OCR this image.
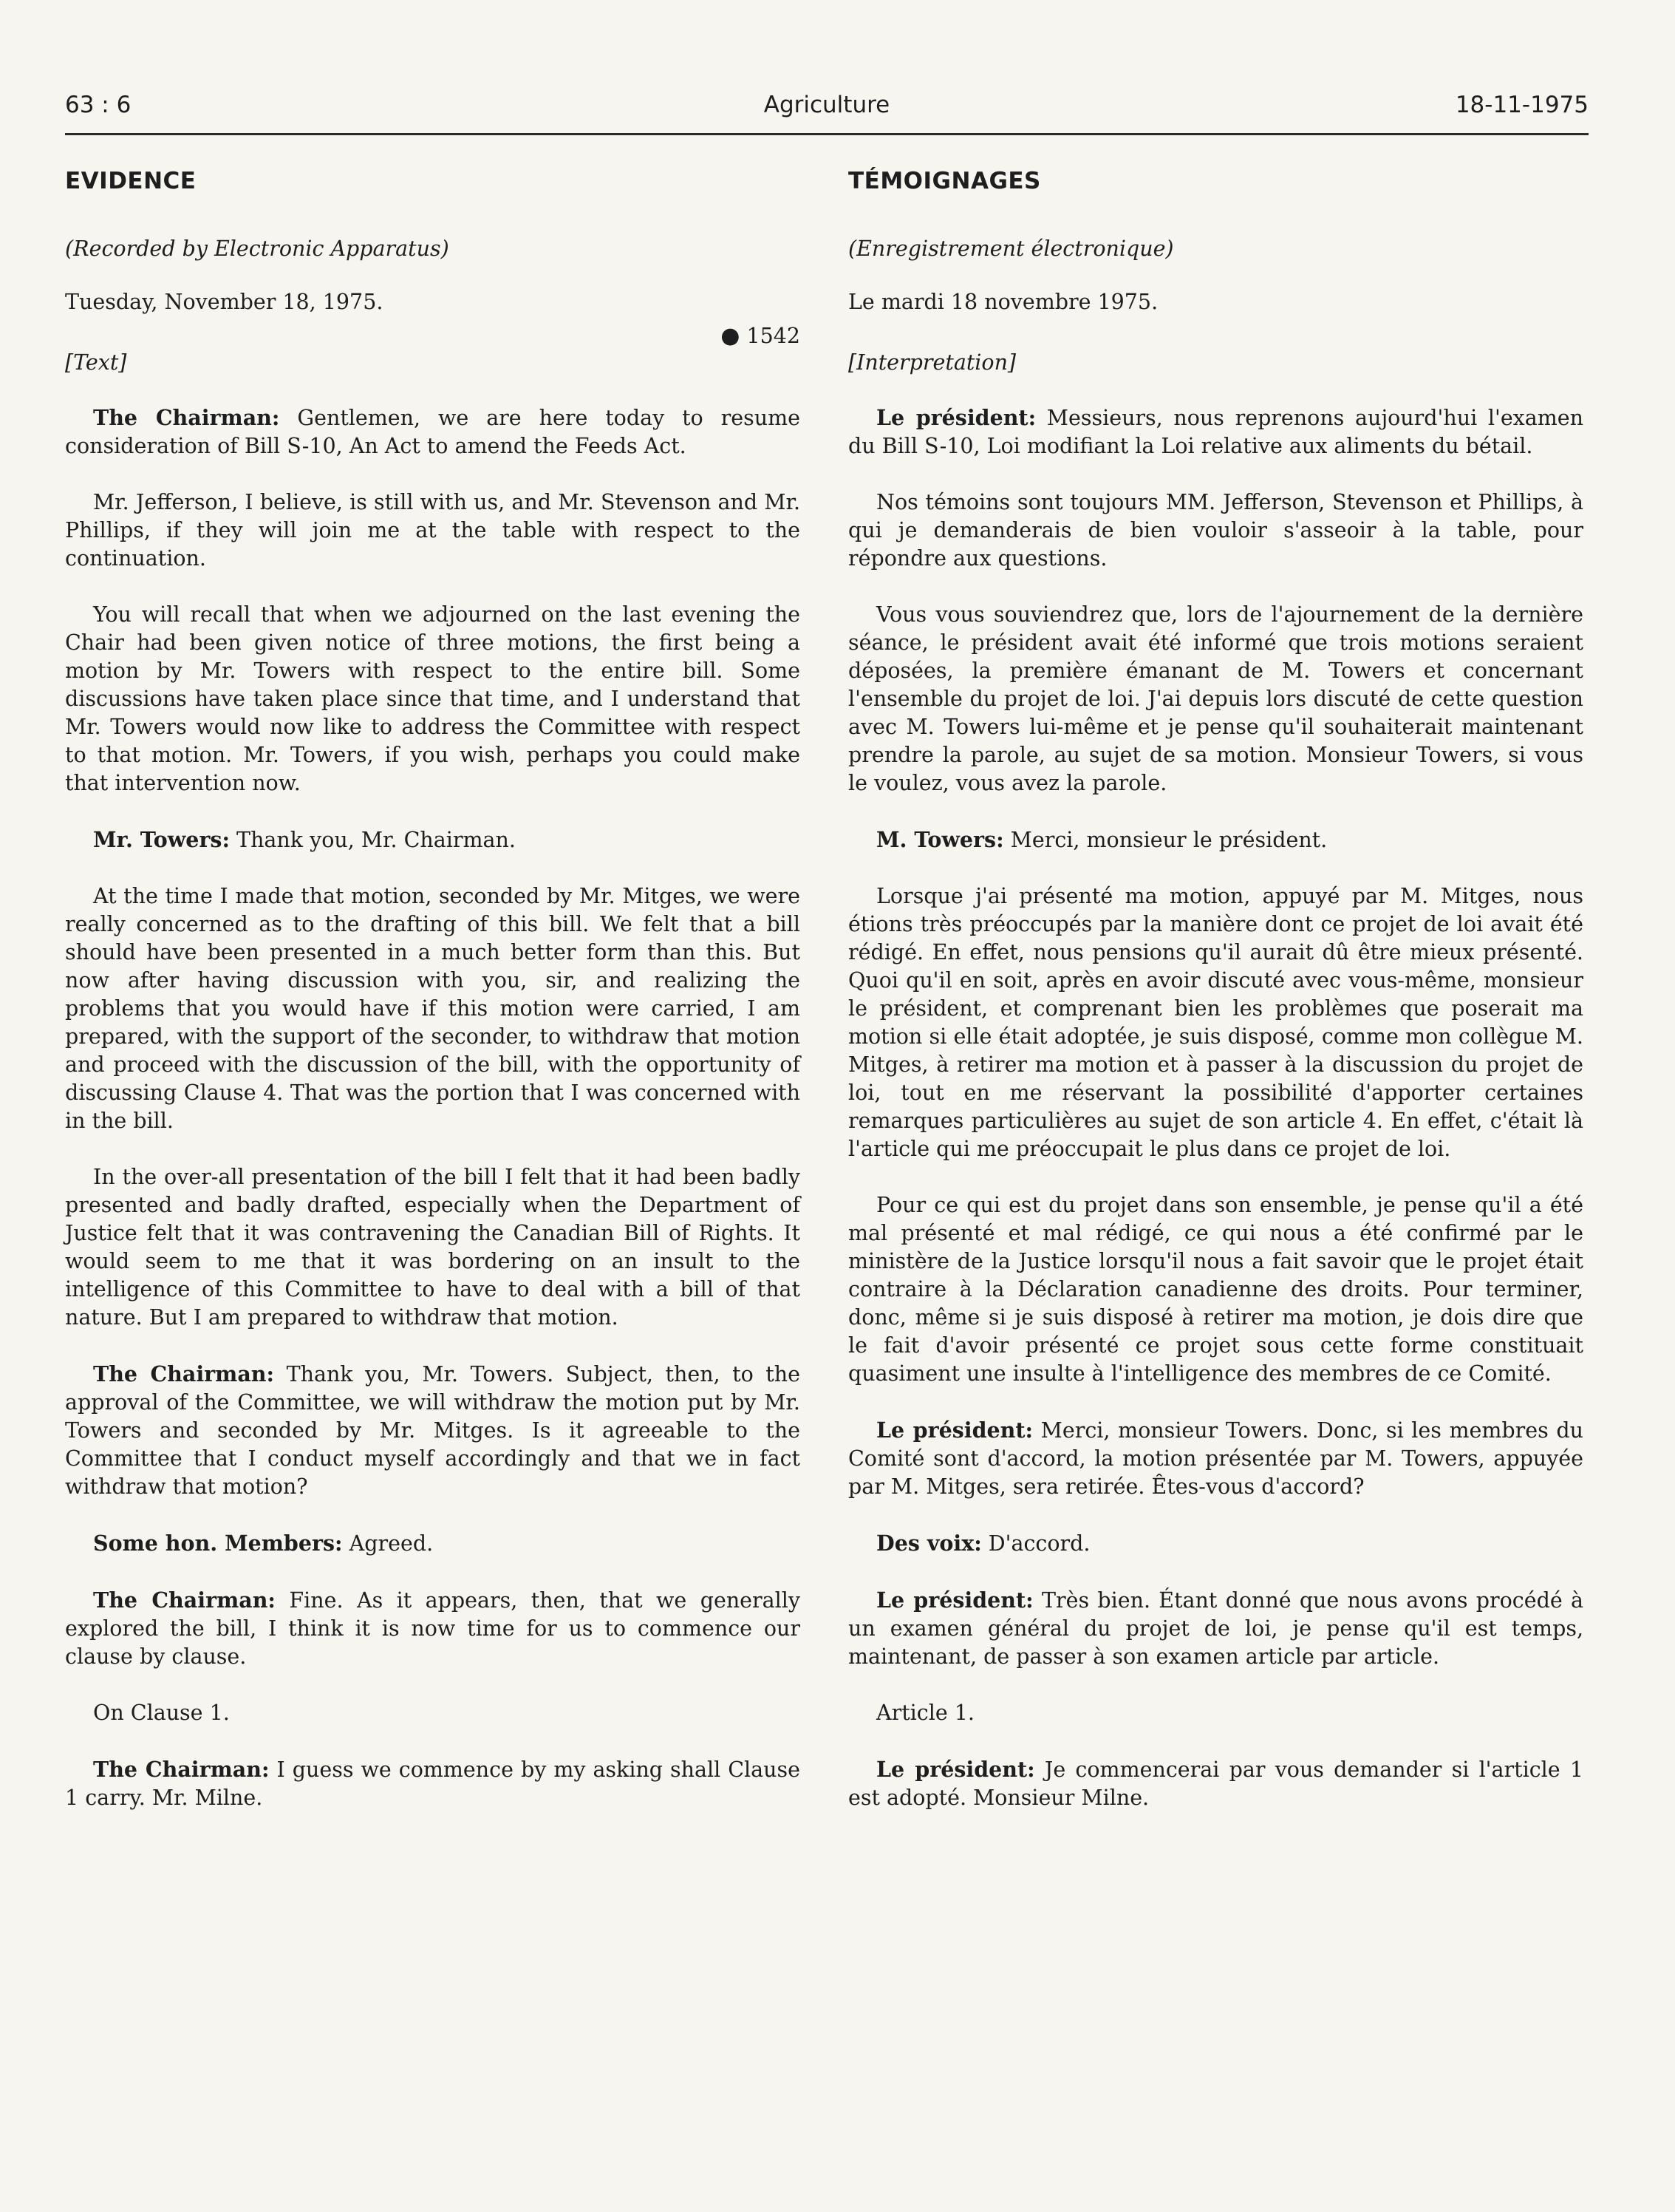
63 : 6	Agriculture	18-11-1975
EVIDENCE
(Recorded by Electronic Apparatus)
Tuesday, November 18, 1975.
● 1542
[Text]

The Chairman: Gentlemen, we are here today to resume consideration of Bill S-10, An Act to amend the Feeds Act.

Mr. Jefferson, I believe, is still with us, and Mr. Stevenson and Mr. Phillips, if they will join me at the table with respect to the continuation.

You will recall that when we adjourned on the last evening the Chair had been given notice of three motions, the first being a motion by Mr. Towers with respect to the entire bill. Some discussions have taken place since that time, and I understand that Mr. Towers would now like to address the Committee with respect to that motion. Mr. Towers, if you wish, perhaps you could make that intervention now.

Mr. Towers: Thank you, Mr. Chairman.

At the time I made that motion, seconded by Mr. Mitges, we were really concerned as to the drafting of this bill. We felt that a bill should have been presented in a much better form than this. But now after having discussion with you, sir, and realizing the problems that you would have if this motion were carried, I am prepared, with the support of the seconder, to withdraw that motion and proceed with the discussion of the bill, with the opportunity of discussing Clause 4. That was the portion that I was concerned with in the bill.

In the over-all presentation of the bill I felt that it had been badly presented and badly drafted, especially when the Department of Justice felt that it was contravening the Canadian Bill of Rights. It would seem to me that it was bordering on an insult to the intelligence of this Committee to have to deal with a bill of that nature. But I am prepared to withdraw that motion.

The Chairman: Thank you, Mr. Towers. Subject, then, to the approval of the Committee, we will withdraw the motion put by Mr. Towers and seconded by Mr. Mitges. Is it agreeable to the Committee that I conduct myself accordingly and that we in fact withdraw that motion?

Some hon. Members: Agreed.

The Chairman: Fine. As it appears, then, that we generally explored the bill, I think it is now time for us to commence our clause by clause.

On Clause 1.

The Chairman: I guess we commence by my asking shall Clause 1 carry. Mr. Milne.

TÉMOIGNAGES
(Enregistrement électronique)
Le mardi 18 novembre 1975.
[Interpretation]

Le président: Messieurs, nous reprenons aujourd'hui l'examen du Bill S-10, Loi modifiant la Loi relative aux aliments du bétail.

Nos témoins sont toujours MM. Jefferson, Stevenson et Phillips, à qui je demanderais de bien vouloir s'asseoir à la table, pour répondre aux questions.

Vous vous souviendrez que, lors de l'ajournement de la dernière séance, le président avait été informé que trois motions seraient déposées, la première émanant de M. Towers et concernant l'ensemble du projet de loi. J'ai depuis lors discuté de cette question avec M. Towers lui-même et je pense qu'il souhaiterait maintenant prendre la parole, au sujet de sa motion. Monsieur Towers, si vous le voulez, vous avez la parole.

M. Towers: Merci, monsieur le président.

Lorsque j'ai présenté ma motion, appuyé par M. Mitges, nous étions très préoccupés par la manière dont ce projet de loi avait été rédigé. En effet, nous pensions qu'il aurait dû être mieux présenté. Quoi qu'il en soit, après en avoir discuté avec vous-même, monsieur le président, et comprenant bien les problèmes que poserait ma motion si elle était adoptée, je suis disposé, comme mon collègue M. Mitges, à retirer ma motion et à passer à la discussion du projet de loi, tout en me réservant la possibilité d'apporter certaines remarques particulières au sujet de son article 4. En effet, c'était là l'article qui me préoccupait le plus dans ce projet de loi.

Pour ce qui est du projet dans son ensemble, je pense qu'il a été mal présenté et mal rédigé, ce qui nous a été confirmé par le ministère de la Justice lorsqu'il nous a fait savoir que le projet était contraire à la Déclaration canadienne des droits. Pour terminer, donc, même si je suis disposé à retirer ma motion, je dois dire que le fait d'avoir présenté ce projet sous cette forme constituait quasiment une insulte à l'intelligence des membres de ce Comité.

Le président: Merci, monsieur Towers. Donc, si les membres du Comité sont d'accord, la motion présentée par M. Towers, appuyée par M. Mitges, sera retirée. Êtes-vous d'accord?

Des voix: D'accord.

Le président: Très bien. Étant donné que nous avons procédé à un examen général du projet de loi, je pense qu'il est temps, maintenant, de passer à son examen article par article.

Article 1.

Le président: Je commencerai par vous demander si l'article 1 est adopté. Monsieur Milne.
